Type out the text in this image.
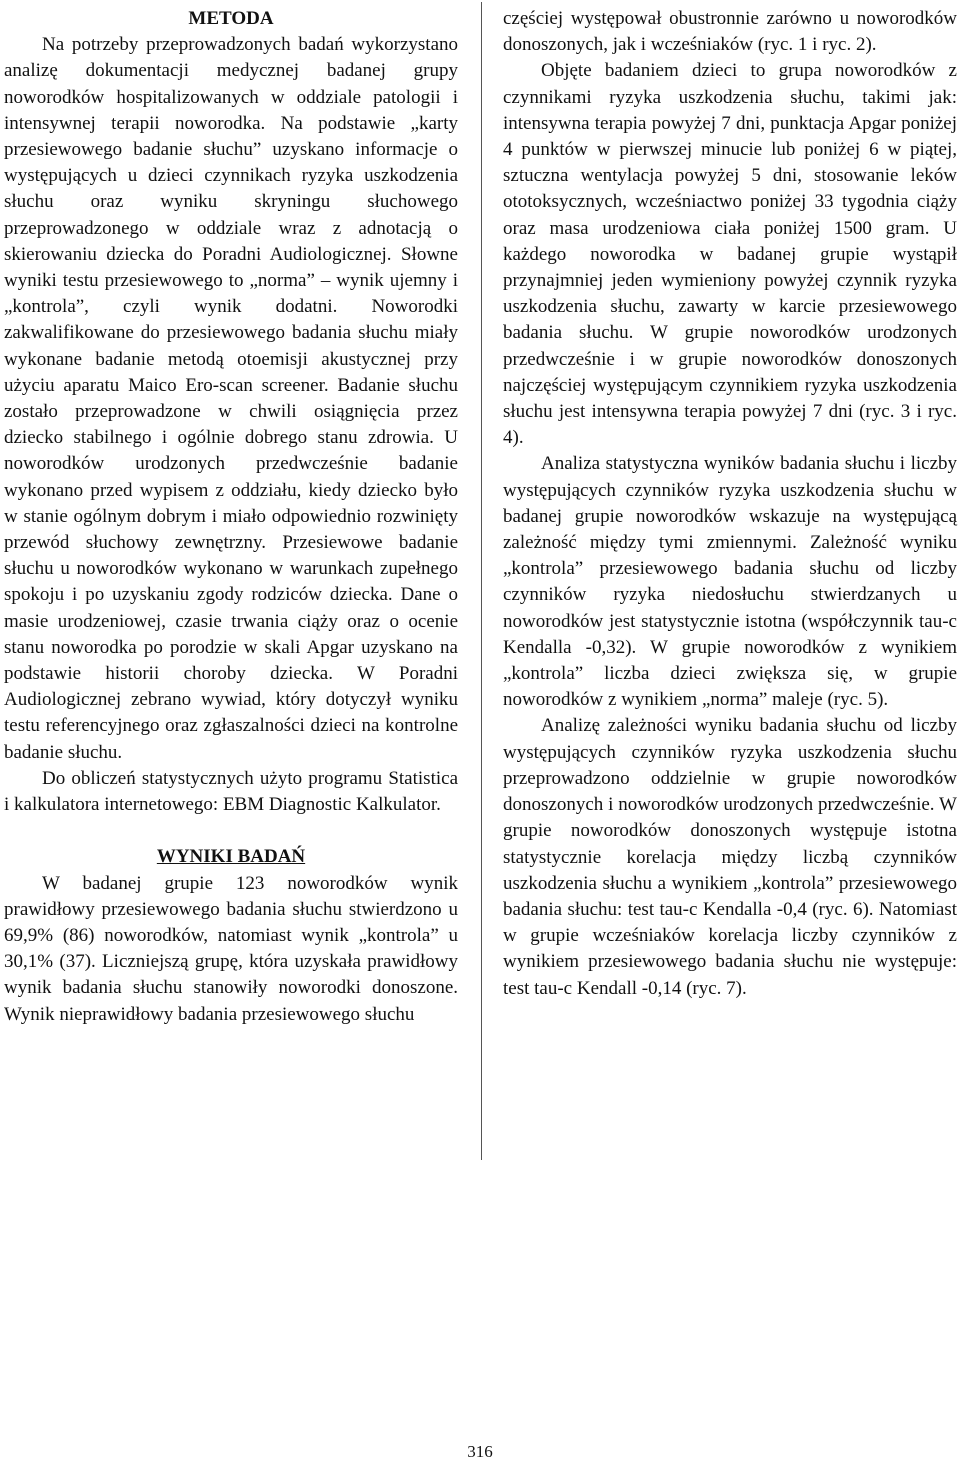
METODA

Na potrzeby przeprowadzonych badań wykorzystano analizę dokumentacji medycznej badanej grupy noworodków hospitalizowanych w oddziale patologii i intensywnej terapii noworodka. Na podstawie „karty przesiewowego badanie słuchu” uzyskano informacje o występujących u dzieci czynnikach ryzyka uszkodzenia słuchu oraz wyniku skryningu słuchowego przeprowadzonego w oddziale wraz z adnotacją o skierowaniu dziecka do Poradni Audiologicznej. Słowne wyniki testu przesiewowego to „norma” – wynik ujemny i „kontrola”, czyli wynik dodatni. Noworodki zakwalifikowane do przesiewowego badania słuchu miały wykonane badanie metodą otoemisji akustycznej przy użyciu aparatu Maico Ero-scan screener. Badanie słuchu zostało przeprowadzone w chwili osiągnięcia przez dziecko stabilnego i ogólnie dobrego stanu zdrowia. U noworodków urodzonych przedwcześnie badanie wykonano przed wypisem z oddziału, kiedy dziecko było w stanie ogólnym dobrym i miało odpowiednio rozwinięty przewód słuchowy zewnętrzny. Przesiewowe badanie słuchu u noworodków wykonano w warunkach zupełnego spokoju i po uzyskaniu zgody rodziców dziecka. Dane o masie urodzeniowej, czasie trwania ciąży oraz o ocenie stanu noworodka po porodzie w skali Apgar uzyskano na podstawie historii choroby dziecka. W Poradni Audiologicznej zebrano wywiad, który dotyczył wyniku testu referencyjnego oraz zgłaszalności dzieci na kontrolne badanie słuchu.

Do obliczeń statystycznych użyto programu Statistica i kalkulatora internetowego: EBM Diagnostic Kalkulator.

WYNIKI BADAŃ

W badanej grupie 123 noworodków wynik prawidłowy przesiewowego badania słuchu stwierdzono u 69,9% (86) noworodków, natomiast wynik „kontrola” u 30,1% (37). Liczniejszą grupę, która uzyskała prawidłowy wynik badania słuchu stanowiły noworodki donoszone. Wynik nieprawidłowy badania przesiewowego słuchu

częściej występował obustronnie zarówno u noworodków donoszonych, jak i wcześniaków (ryc. 1 i ryc. 2).

Objęte badaniem dzieci to grupa noworodków z czynnikami ryzyka uszkodzenia słuchu, takimi jak: intensywna terapia powyżej 7 dni, punktacja Apgar poniżej 4 punktów w pierwszej minucie lub poniżej 6 w piątej, sztuczna wentylacja powyżej 5 dni, stosowanie leków ototoksycznych, wcześniactwo poniżej 33 tygodnia ciąży oraz masa urodzeniowa ciała poniżej 1500 gram. U każdego noworodka w badanej grupie wystąpił przynajmniej jeden wymieniony powyżej czynnik ryzyka uszkodzenia słuchu, zawarty w karcie przesiewowego badania słuchu. W grupie noworodków urodzonych przedwcześnie i w grupie noworodków donoszonych najczęściej występującym czynnikiem ryzyka uszkodzenia słuchu jest intensywna terapia powyżej 7 dni (ryc. 3 i ryc. 4).

Analiza statystyczna wyników badania słuchu i liczby występujących czynników ryzyka uszkodzenia słuchu w badanej grupie noworodków wskazuje na występującą zależność między tymi zmiennymi. Zależność wyniku „kontrola” przesiewowego badania słuchu od liczby czynników ryzyka niedosłuchu stwierdzanych u noworodków jest statystycznie istotna (współczynnik tau-c Kendalla -0,32). W grupie noworodków z wynikiem „kontrola” liczba dzieci zwiększa się, w grupie noworodków z wynikiem „norma” maleje (ryc. 5).

Analizę zależności wyniku badania słuchu od liczby występujących czynników ryzyka uszkodzenia słuchu przeprowadzono oddzielnie w grupie noworodków donoszonych i noworodków urodzonych przedwcześnie. W grupie noworodków donoszonych występuje istotna statystycznie korelacja między liczbą czynników uszkodzenia słuchu a wynikiem „kontrola” przesiewowego badania słuchu: test tau-c Kendalla -0,4 (ryc. 6). Natomiast w grupie wcześniaków korelacja liczby czynników z wynikiem przesiewowego badania słuchu nie występuje: test tau-c Kendall -0,14 (ryc. 7).

316
